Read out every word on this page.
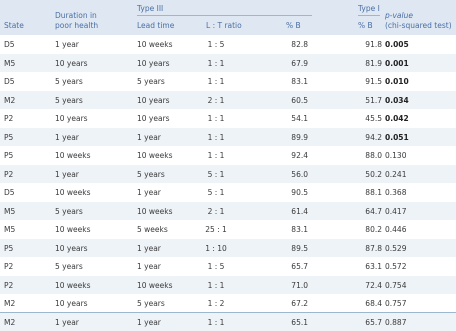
State
Duration in
poor health
Type III	Type I
Lead time	L : T ratio	% B	% B
p-value
(chi-squared test)
D5	1 year	10 weeks	1 : 5	82.8	91.8 0.005
M5	10 years	10 years	1 : 1	67.9	81.9 0.001
D5	5 years	5 years	1 : 1	83.1	91.5 0.010
M2	5 years	10 years	2 : 1	60.5	51.7 0.034
P2	10 years	10 years	1 : 1	54.1	45.5 0.042
P5	1 year	1 year	1 : 1	89.9	94.2 0.051
P5	10 weeks	10 weeks	1 : 1	92.4	88.0 0.130
P2	1 year	5 years	5 : 1	56.0	50.2 0.241
D5	10 weeks	1 year	5 : 1	90.5	88.1 0.368
M5	5 years	10 weeks	2 : 1	61.4	64.7 0.417
M5	10 weeks	5 weeks	25 : 1	83.1	80.2 0.446
P5	10 years	1 year	1 : 10	89.5	87.8 0.529
P2	5 years	1 year	1 : 5	65.7	63.1 0.572
P2	10 weeks	10 weeks	1 : 1	71.0	72.4 0.754
M2	10 years	5 years	1 : 2	67.2	68.4 0.757
M2	1 year	1 year	1 : 1	65.1	65.7 0.887
